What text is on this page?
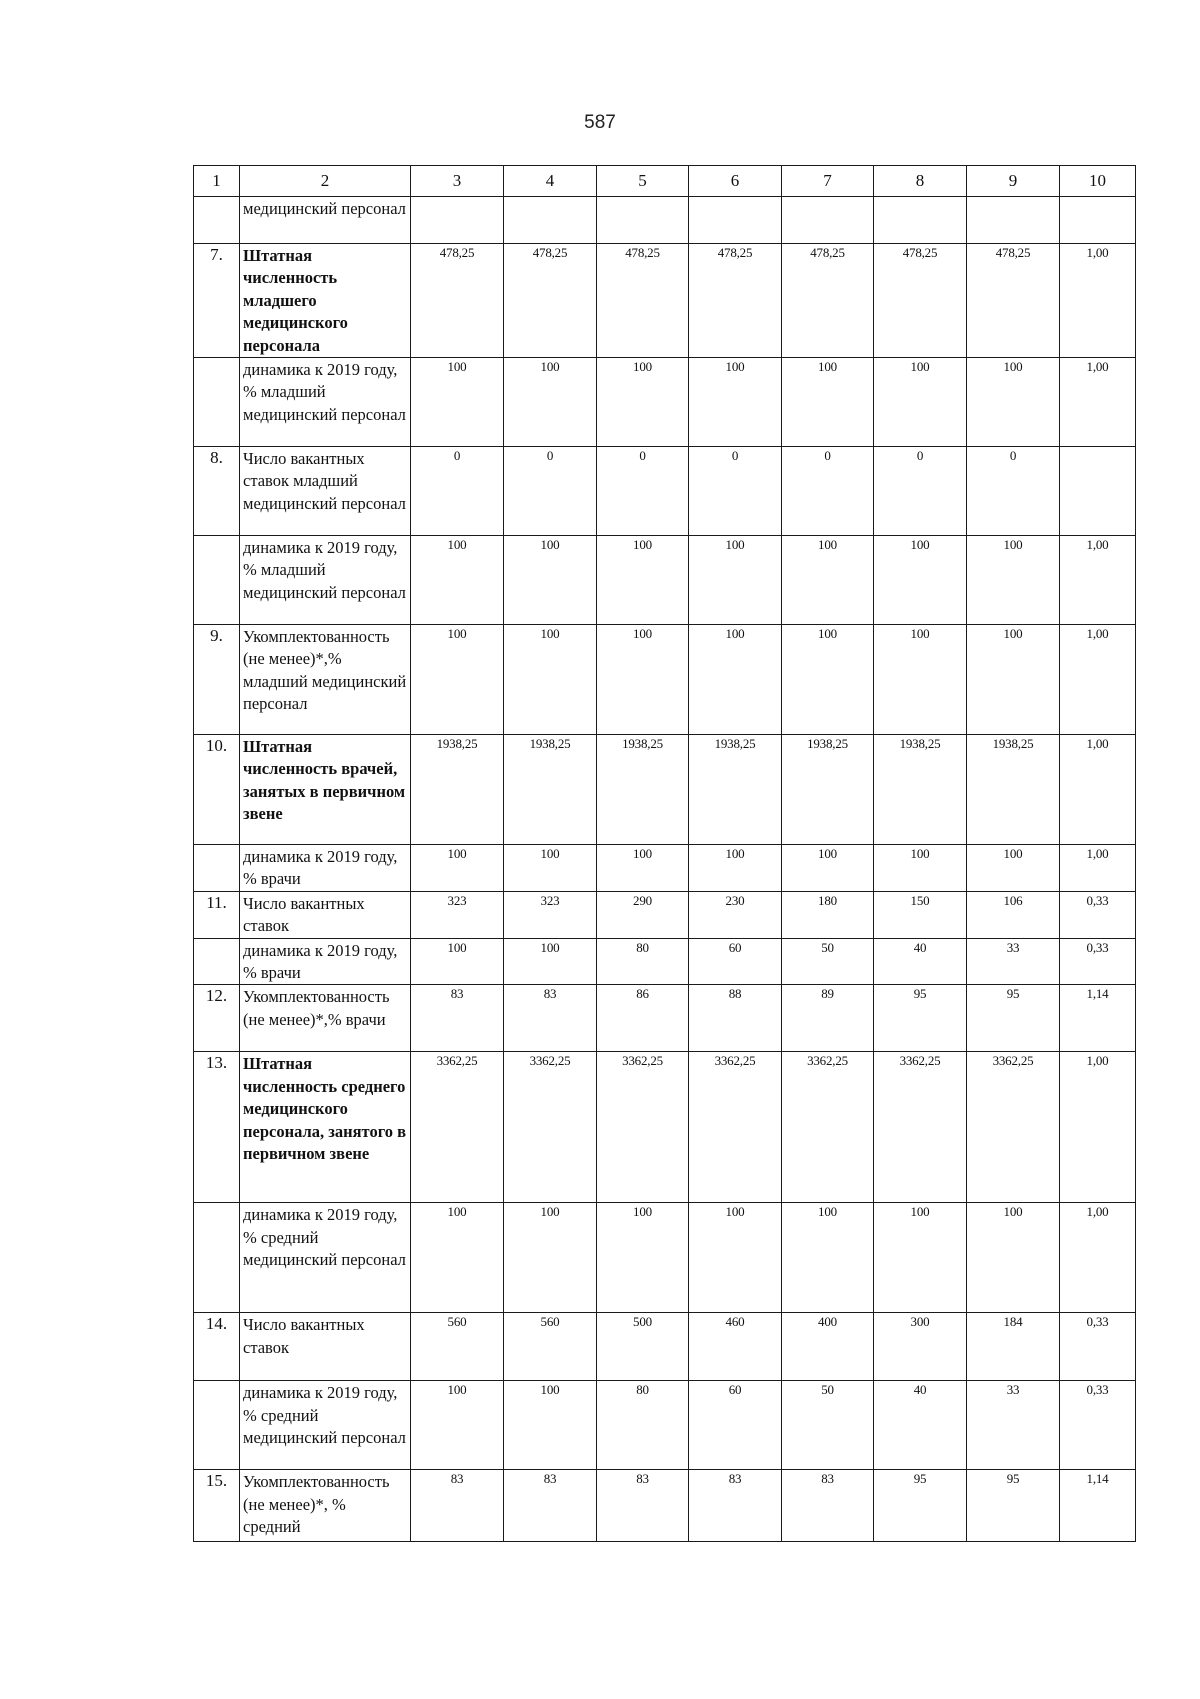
587
1	2	3	4	5	6	7	8	9	10
	медицинский персонал								
7.	Штатная численность младшего медицинского персонала	478,25	478,25	478,25	478,25	478,25	478,25	478,25	1,00
	динамика к 2019 году, % младший медицинский персонал	100	100	100	100	100	100	100	1,00
8.	Число вакантных ставок младший медицинский персонал	0	0	0	0	0	0	0	
	динамика к 2019 году, % младший медицинский персонал	100	100	100	100	100	100	100	1,00
9.	Укомплектованность (не менее)*,% младший медицинский персонал	100	100	100	100	100	100	100	1,00
10.	Штатная численность врачей, занятых в первичном звене	1938,25	1938,25	1938,25	1938,25	1938,25	1938,25	1938,25	1,00
	динамика к 2019 году, % врачи	100	100	100	100	100	100	100	1,00
11.	Число вакантных ставок	323	323	290	230	180	150	106	0,33
	динамика к 2019 году, % врачи	100	100	80	60	50	40	33	0,33
12.	Укомплектованность (не менее)*,% врачи	83	83	86	88	89	95	95	1,14
13.	Штатная численность среднего медицинского персонала, занятого в первичном звене	3362,25	3362,25	3362,25	3362,25	3362,25	3362,25	3362,25	1,00
	динамика к 2019 году, % средний медицинский персонал	100	100	100	100	100	100	100	1,00
14.	Число вакантных ставок	560	560	500	460	400	300	184	0,33
	динамика к 2019 году, % средний медицинский персонал	100	100	80	60	50	40	33	0,33
15.	Укомплектованность (не менее)*, % средний	83	83	83	83	83	95	95	1,14
